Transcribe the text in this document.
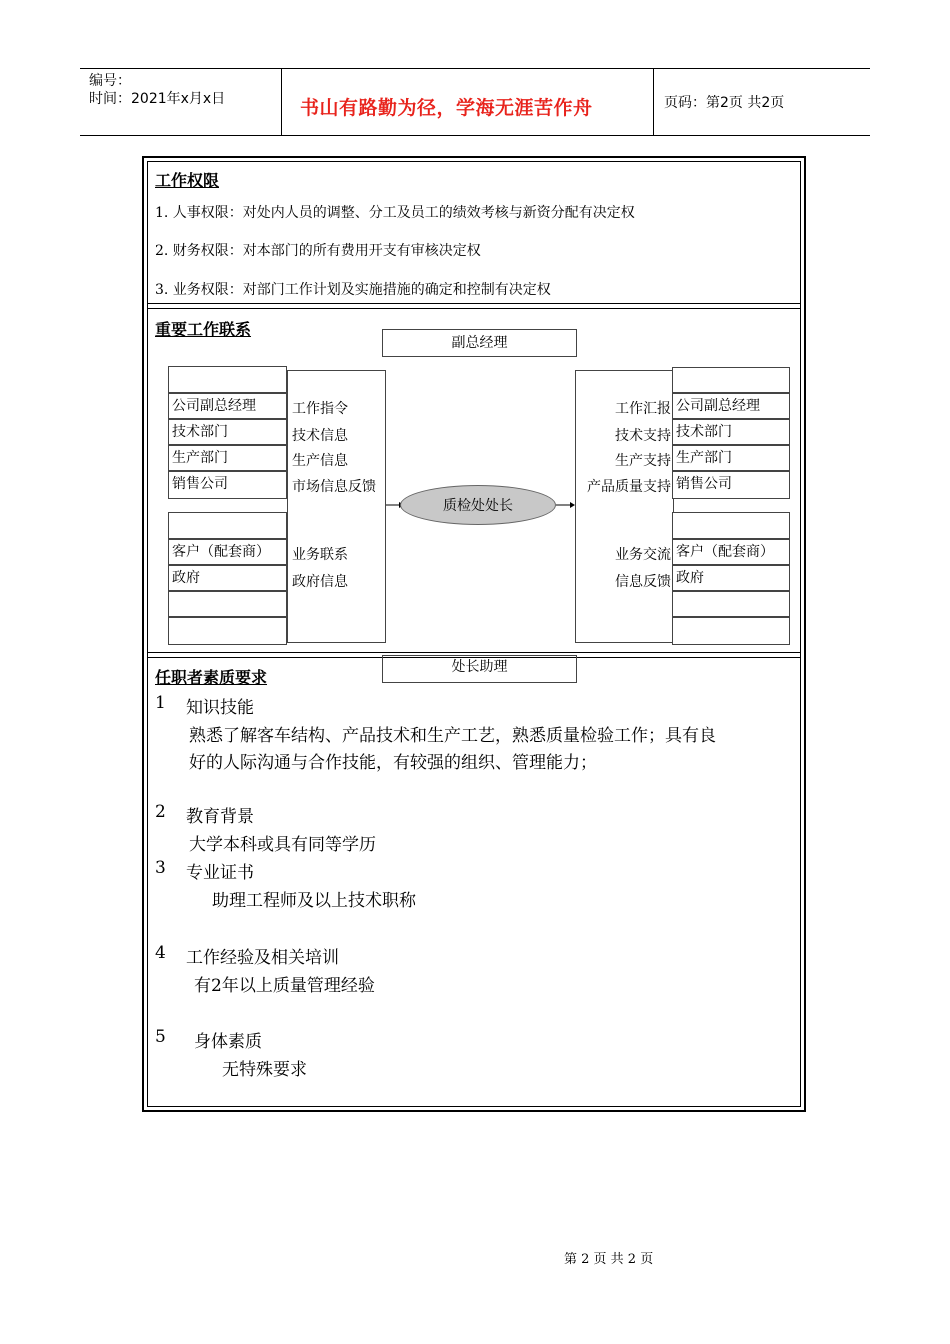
编号：
时间：2021年x月x日	书山有路勤为径，学海无涯苦作舟	页码：第2页 共2页
工作权限
1. 人事权限：对处内人员的调整、分工及员工的绩效考核与新资分配有决定权
2. 财务权限：对本部门的所有费用开支有审核决定权
3. 业务权限：对部门工作计划及实施措施的确定和控制有决定权
重要工作联系
副总经理
公司副总经理
技术部门
生产部门
销售公司
客户（配套商）
政府
工作指令
技术信息
生产信息
市场信息反馈
业务联系
政府信息
公司副总经理
技术部门
生产部门
销售公司
客户（配套商）
政府
工作汇报
技术支持
生产支持
产品质量支持
业务交流
信息反馈
质检处处长
处长助理
任职者素质要求
1 知识技能
熟悉了解客车结构、产品技术和生产工艺，熟悉质量检验工作；具有良
好的人际沟通与合作技能，有较强的组织、管理能力；
2 教育背景
大学本科或具有同等学历
3 专业证书
助理工程师及以上技术职称
4 工作经验及相关培训
有2年以上质量管理经验
5 身体素质
无特殊要求
第 2 页 共 2 页
